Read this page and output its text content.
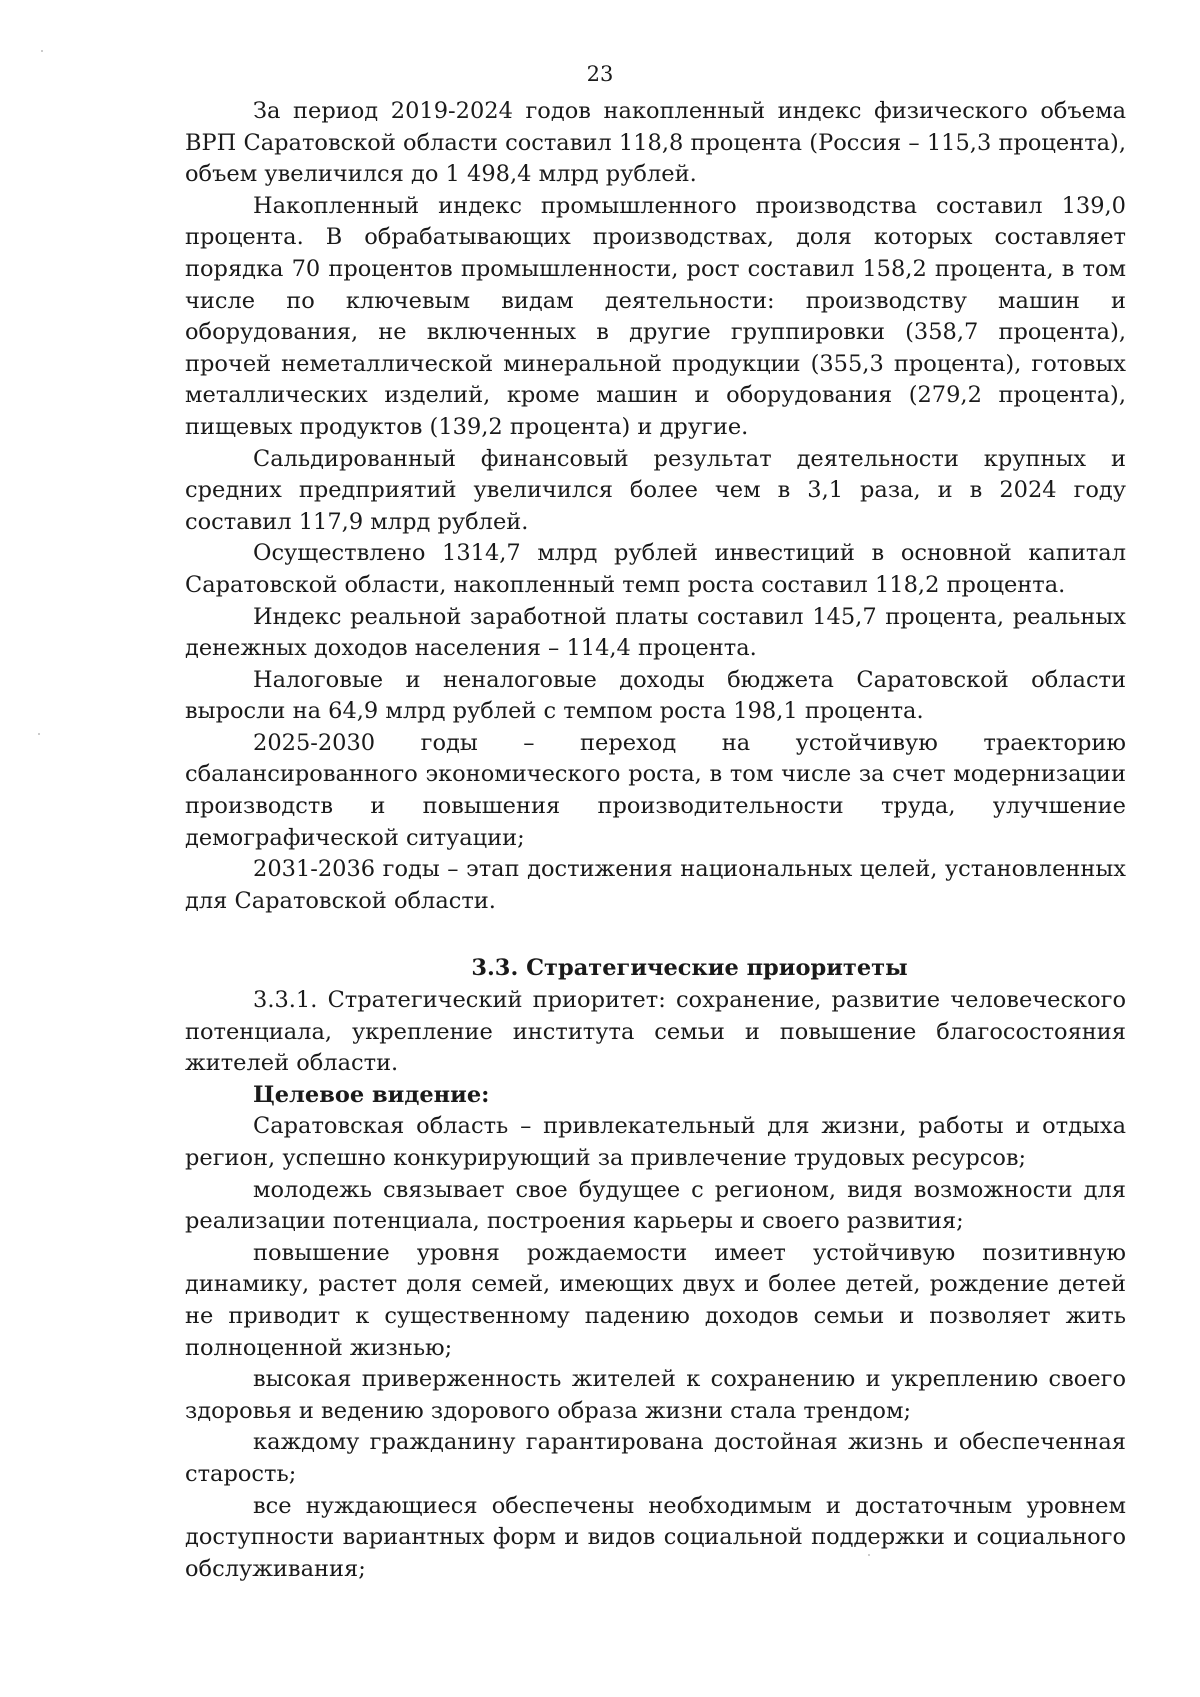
23

За период 2019-2024 годов накопленный индекс физического объема ВРП Саратовской области составил 118,8 процента (Россия – 115,3 процента), объем увеличился до 1 498,4 млрд рублей.

Накопленный индекс промышленного производства составил 139,0 процента. В обрабатывающих производствах, доля которых составляет порядка 70 процентов промышленности, рост составил 158,2 процента, в том числе по ключевым видам деятельности: производству машин и оборудования, не включенных в другие группировки (358,7 процента), прочей неметаллической минеральной продукции (355,3 процента), готовых металлических изделий, кроме машин и оборудования (279,2 процента), пищевых продуктов (139,2 процента) и другие.

Сальдированный финансовый результат деятельности крупных и средних предприятий увеличился более чем в 3,1 раза, и в 2024 году составил 117,9 млрд рублей.

Осуществлено 1314,7 млрд рублей инвестиций в основной капитал Саратовской области, накопленный темп роста составил 118,2 процента.

Индекс реальной заработной платы составил 145,7 процента, реальных денежных доходов населения – 114,4 процента.

Налоговые и неналоговые доходы бюджета Саратовской области выросли на 64,9 млрд рублей с темпом роста 198,1 процента.

2025-2030 годы – переход на устойчивую траекторию сбалансированного экономического роста, в том числе за счет модернизации производств и повышения производительности труда, улучшение демографической ситуации;

2031-2036 годы – этап достижения национальных целей, установленных для Саратовской области.

3.3. Стратегические приоритеты

3.3.1. Стратегический приоритет: сохранение, развитие человеческого потенциала, укрепление института семьи и повышение благосостояния жителей области.

Целевое видение:

Саратовская область – привлекательный для жизни, работы и отдыха регион, успешно конкурирующий за привлечение трудовых ресурсов;

молодежь связывает свое будущее с регионом, видя возможности для реализации потенциала, построения карьеры и своего развития;

повышение уровня рождаемости имеет устойчивую позитивную динамику, растет доля семей, имеющих двух и более детей, рождение детей не приводит к существенному падению доходов семьи и позволяет жить полноценной жизнью;

высокая приверженность жителей к сохранению и укреплению своего здоровья и ведению здорового образа жизни стала трендом;

каждому гражданину гарантирована достойная жизнь и обеспеченная старость;

все нуждающиеся обеспечены необходимым и достаточным уровнем доступности вариантных форм и видов социальной поддержки и социального обслуживания;
